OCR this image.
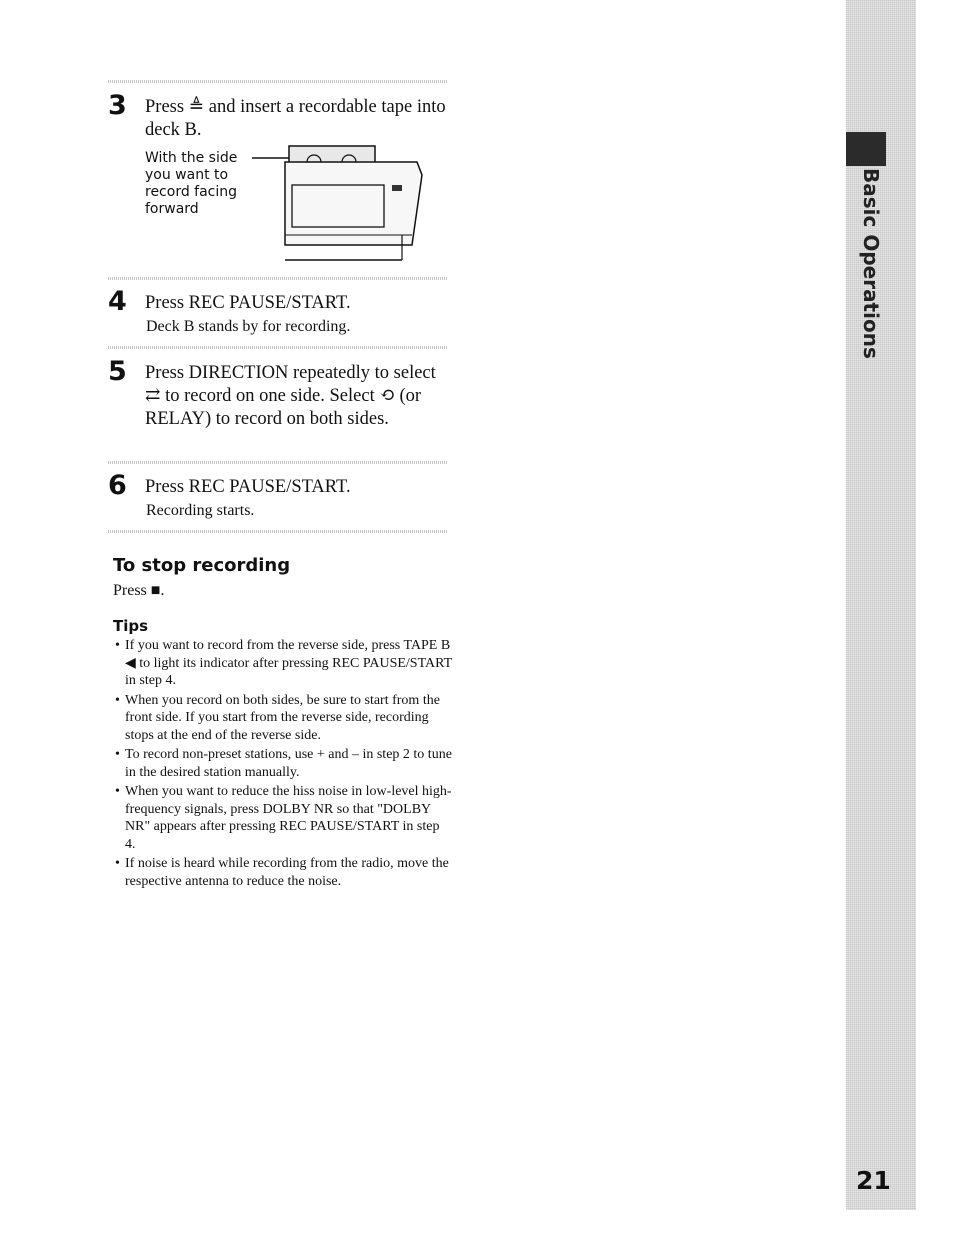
Basic Operations
21
3 Press ≜ and insert a recordable tape into deck B.
With the side you want to record facing forward
4 Press REC PAUSE/START.
Deck B stands by for recording.
5 Press DIRECTION repeatedly to select ⇄ to record on one side. Select ⟲ (or RELAY) to record on both sides.
6 Press REC PAUSE/START.
Recording starts.
To stop recording
Press ■.
Tips
• If you want to record from the reverse side, press TAPE B ◀ to light its indicator after pressing REC PAUSE/START in step 4.
• When you record on both sides, be sure to start from the front side. If you start from the reverse side, recording stops at the end of the reverse side.
• To record non-preset stations, use + and – in step 2 to tune in the desired station manually.
• When you want to reduce the hiss noise in low-level high-frequency signals, press DOLBY NR so that "DOLBY NR" appears after pressing REC PAUSE/START in step 4.
• If noise is heard while recording from the radio, move the respective antenna to reduce the noise.
